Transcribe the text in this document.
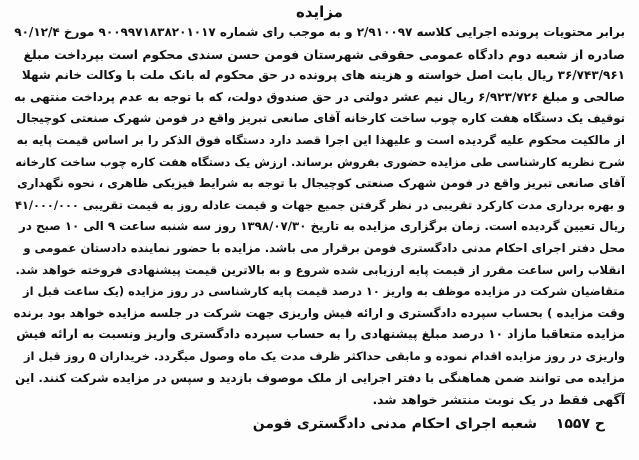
مزایده
برابر محتویات پرونده اجرایی کلاسه ۲/۹۱۰۰۹۷ و به موجب رای شماره ۹۰۰۹۹۷۱۸۳۸۲۰۱۰۱۷ مورخ ۹۰/۱۲/۴
صادره از شعبه دوم دادگاه عمومی حقوقی شهرستان فومن حسن سندی محکوم است بپرداخت مبلغ
۳۶/۷۴۳/۹۶۱ ریال بابت اصل خواسته و هزینه های پرونده در حق محکوم له بانک ملت با وکالت خانم شهلا
صالحی و مبلغ ۶/۹۲۳/۷۲۶ ریال نیم عشر دولتی در حق صندوق دولت، که با توجه به عدم پرداخت منتهی به
توقیف یک دستگاه هفت کاره چوب ساخت کارخانه آقای صانعی تبریز واقع در فومن شهرک صنعتی کوچیجال
از مالکیت محکوم علیه گردیده است و علیهذا این اجرا قصد دارد دستگاه فوق الذکر را بر اساس قیمت پایه به
شرح نظریه کارشناسی طی مزایده حضوری بفروش برساند. ارزش یک دستگاه هفت کاره چوب ساخت کارخانه
آقای صانعی تبریز واقع در فومن شهرک صنعتی کوچیجال با توجه به شرایط فیزیکی ظاهری ، نحوه نگهداری
و بهره برداری مدت کارکرد تقریبی در نظر گرفتن جمیع جهات و قیمت عادله روز به قیمت تقریبی ۴۱/۰۰۰/۰۰۰
ریال تعیین گردیده است. زمان برگزاری مزایده به تاریخ ۱۳۹۸/۰۷/۳۰ روز سه شنبه ساعت ۹ الی ۱۰ صبح در
محل دفتر اجرای احکام مدنی دادگستری فومن برقرار می باشد. مزایده با حضور نماینده دادستان عمومی و
انقلاب راس ساعت مقرر از قیمت پایه ارزیابی شده شروع و به بالاترین قیمت پیشنهادی فروخته خواهد شد.
متقاضیان شرکت در مزایده موظف به واریز ۱۰ درصد قیمت پایه کارشناسی در روز مزایده (یک ساعت قبل از
وقت مزایده ) بحساب سپرده دادگستری و ارائه فیش واریزی جهت شرکت در جلسه مزایده خواهد بود برنده
مزایده متعاقبا مازاد ۱۰ درصد مبلغ پیشنهادی را به حساب سپرده دادگستری واریز ونسبت به ارائه فیش
واریزی در روز مزایده اقدام نموده و مابقی حداکثر ظرف مدت یک ماه وصول میگردد. خریداران ۵ روز قبل از
مزایده می توانند ضمن هماهنگی با دفتر اجرایی از ملک موصوف بازدید و سپس در مزایده شرکت کنند. این
آگهی فقط در یک نوبت منتشر خواهد شد.
ح ۱۵۵۷ شعبه اجرای احکام مدنی دادگستری فومن
